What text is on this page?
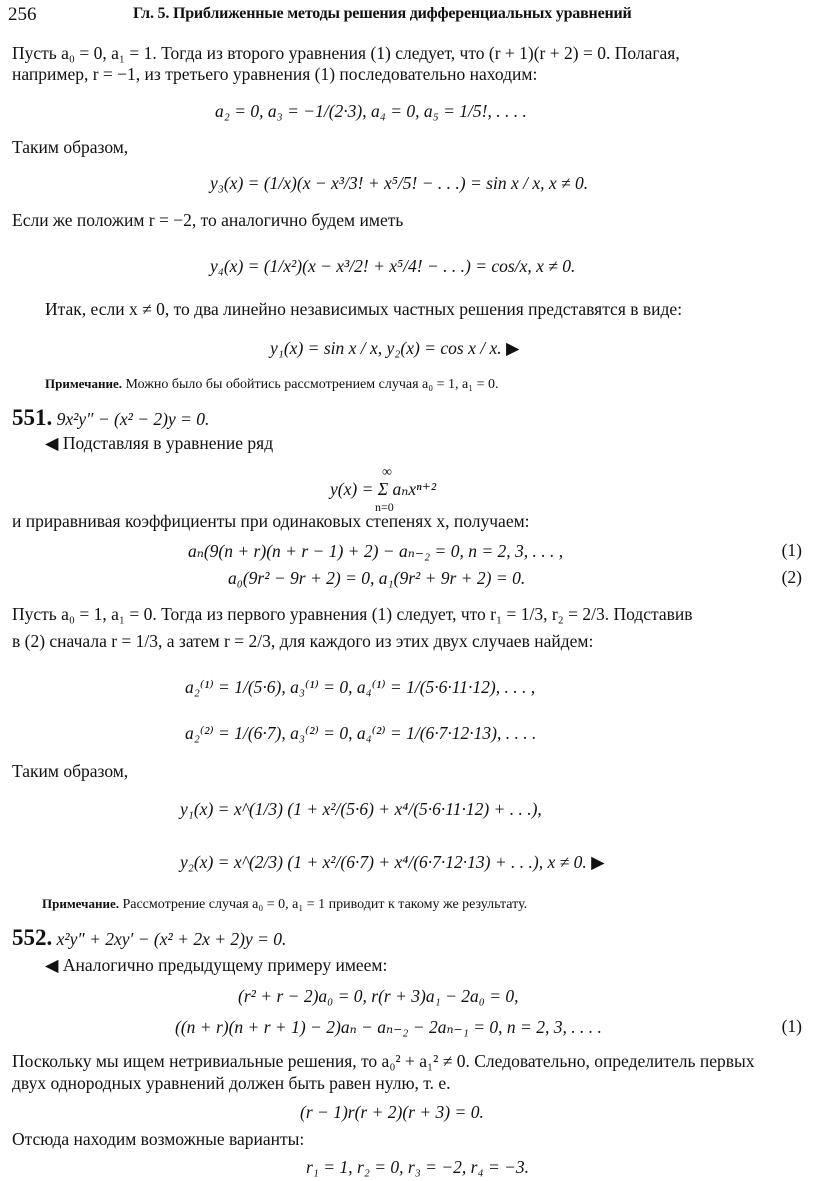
256	Гл. 5. Приближенные методы решения дифференциальных уравнений
Пусть a₀ = 0, a₁ = 1. Тогда из второго уравнения (1) следует, что (r + 1)(r + 2) = 0. Полагая,
например, r = −1, из третьего уравнения (1) последовательно находим:
a₂ = 0, a₃ = −1/(2·3), a₄ = 0, a₅ = 1/5!, . . . .
Таким образом,
y₃(x) = (1/x)(x − x³/3! + x⁵/5! − . . .) = sin x / x, x ≠ 0.
Если же положим r = −2, то аналогично будем иметь
y₄(x) = (1/x²)(x − x³/2! + x⁵/4! − . . .) = cos/x, x ≠ 0.
Итак, если x ≠ 0, то два линейно независимых частных решения представятся в виде:
y₁(x) = sin x / x, y₂(x) = cos x / x. ▶
Примечание. Можно было бы обойтись рассмотрением случая a₀ = 1, a₁ = 0.
551. 9x²y″ − (x² − 2)y = 0.
◀ Подставляя в уравнение ряд
∞
y(x) = Σ aₙxⁿ⁺²
n=0
и приравнивая коэффициенты при одинаковых степенях x, получаем:
aₙ(9(n + r)(n + r − 1) + 2) − aₙ₋₂ = 0, n = 2, 3, . . . ,	(1)
a₀(9r² − 9r + 2) = 0, a₁(9r² + 9r + 2) = 0.	(2)
Пусть a₀ = 1, a₁ = 0. Тогда из первого уравнения (1) следует, что r₁ = 1/3, r₂ = 2/3. Подставив
в (2) сначала r = 1/3, а затем r = 2/3, для каждого из этих двух случаев найдем:
a₂⁽¹⁾ = 1/(5·6), a₃⁽¹⁾ = 0, a₄⁽¹⁾ = 1/(5·6·11·12), . . . ,
a₂⁽²⁾ = 1/(6·7), a₃⁽²⁾ = 0, a₄⁽²⁾ = 1/(6·7·12·13), . . . .
Таким образом,
y₁(x) = x^(1/3) (1 + x²/(5·6) + x⁴/(5·6·11·12) + . . .),
y₂(x) = x^(2/3) (1 + x²/(6·7) + x⁴/(6·7·12·13) + . . .), x ≠ 0. ▶
Примечание. Рассмотрение случая a₀ = 0, a₁ = 1 приводит к такому же результату.
552. x²y″ + 2xy′ − (x² + 2x + 2)y = 0.
◀ Аналогично предыдущему примеру имеем:
(r² + r − 2)a₀ = 0, r(r + 3)a₁ − 2a₀ = 0,
((n + r)(n + r + 1) − 2)aₙ − aₙ₋₂ − 2aₙ₋₁ = 0, n = 2, 3, . . . .	(1)
Поскольку мы ищем нетривиальные решения, то a₀² + a₁² ≠ 0. Следовательно, определитель первых
двух однородных уравнений должен быть равен нулю, т. е.
(r − 1)r(r + 2)(r + 3) = 0.
Отсюда находим возможные варианты:
r₁ = 1, r₂ = 0, r₃ = −2, r₄ = −3.
